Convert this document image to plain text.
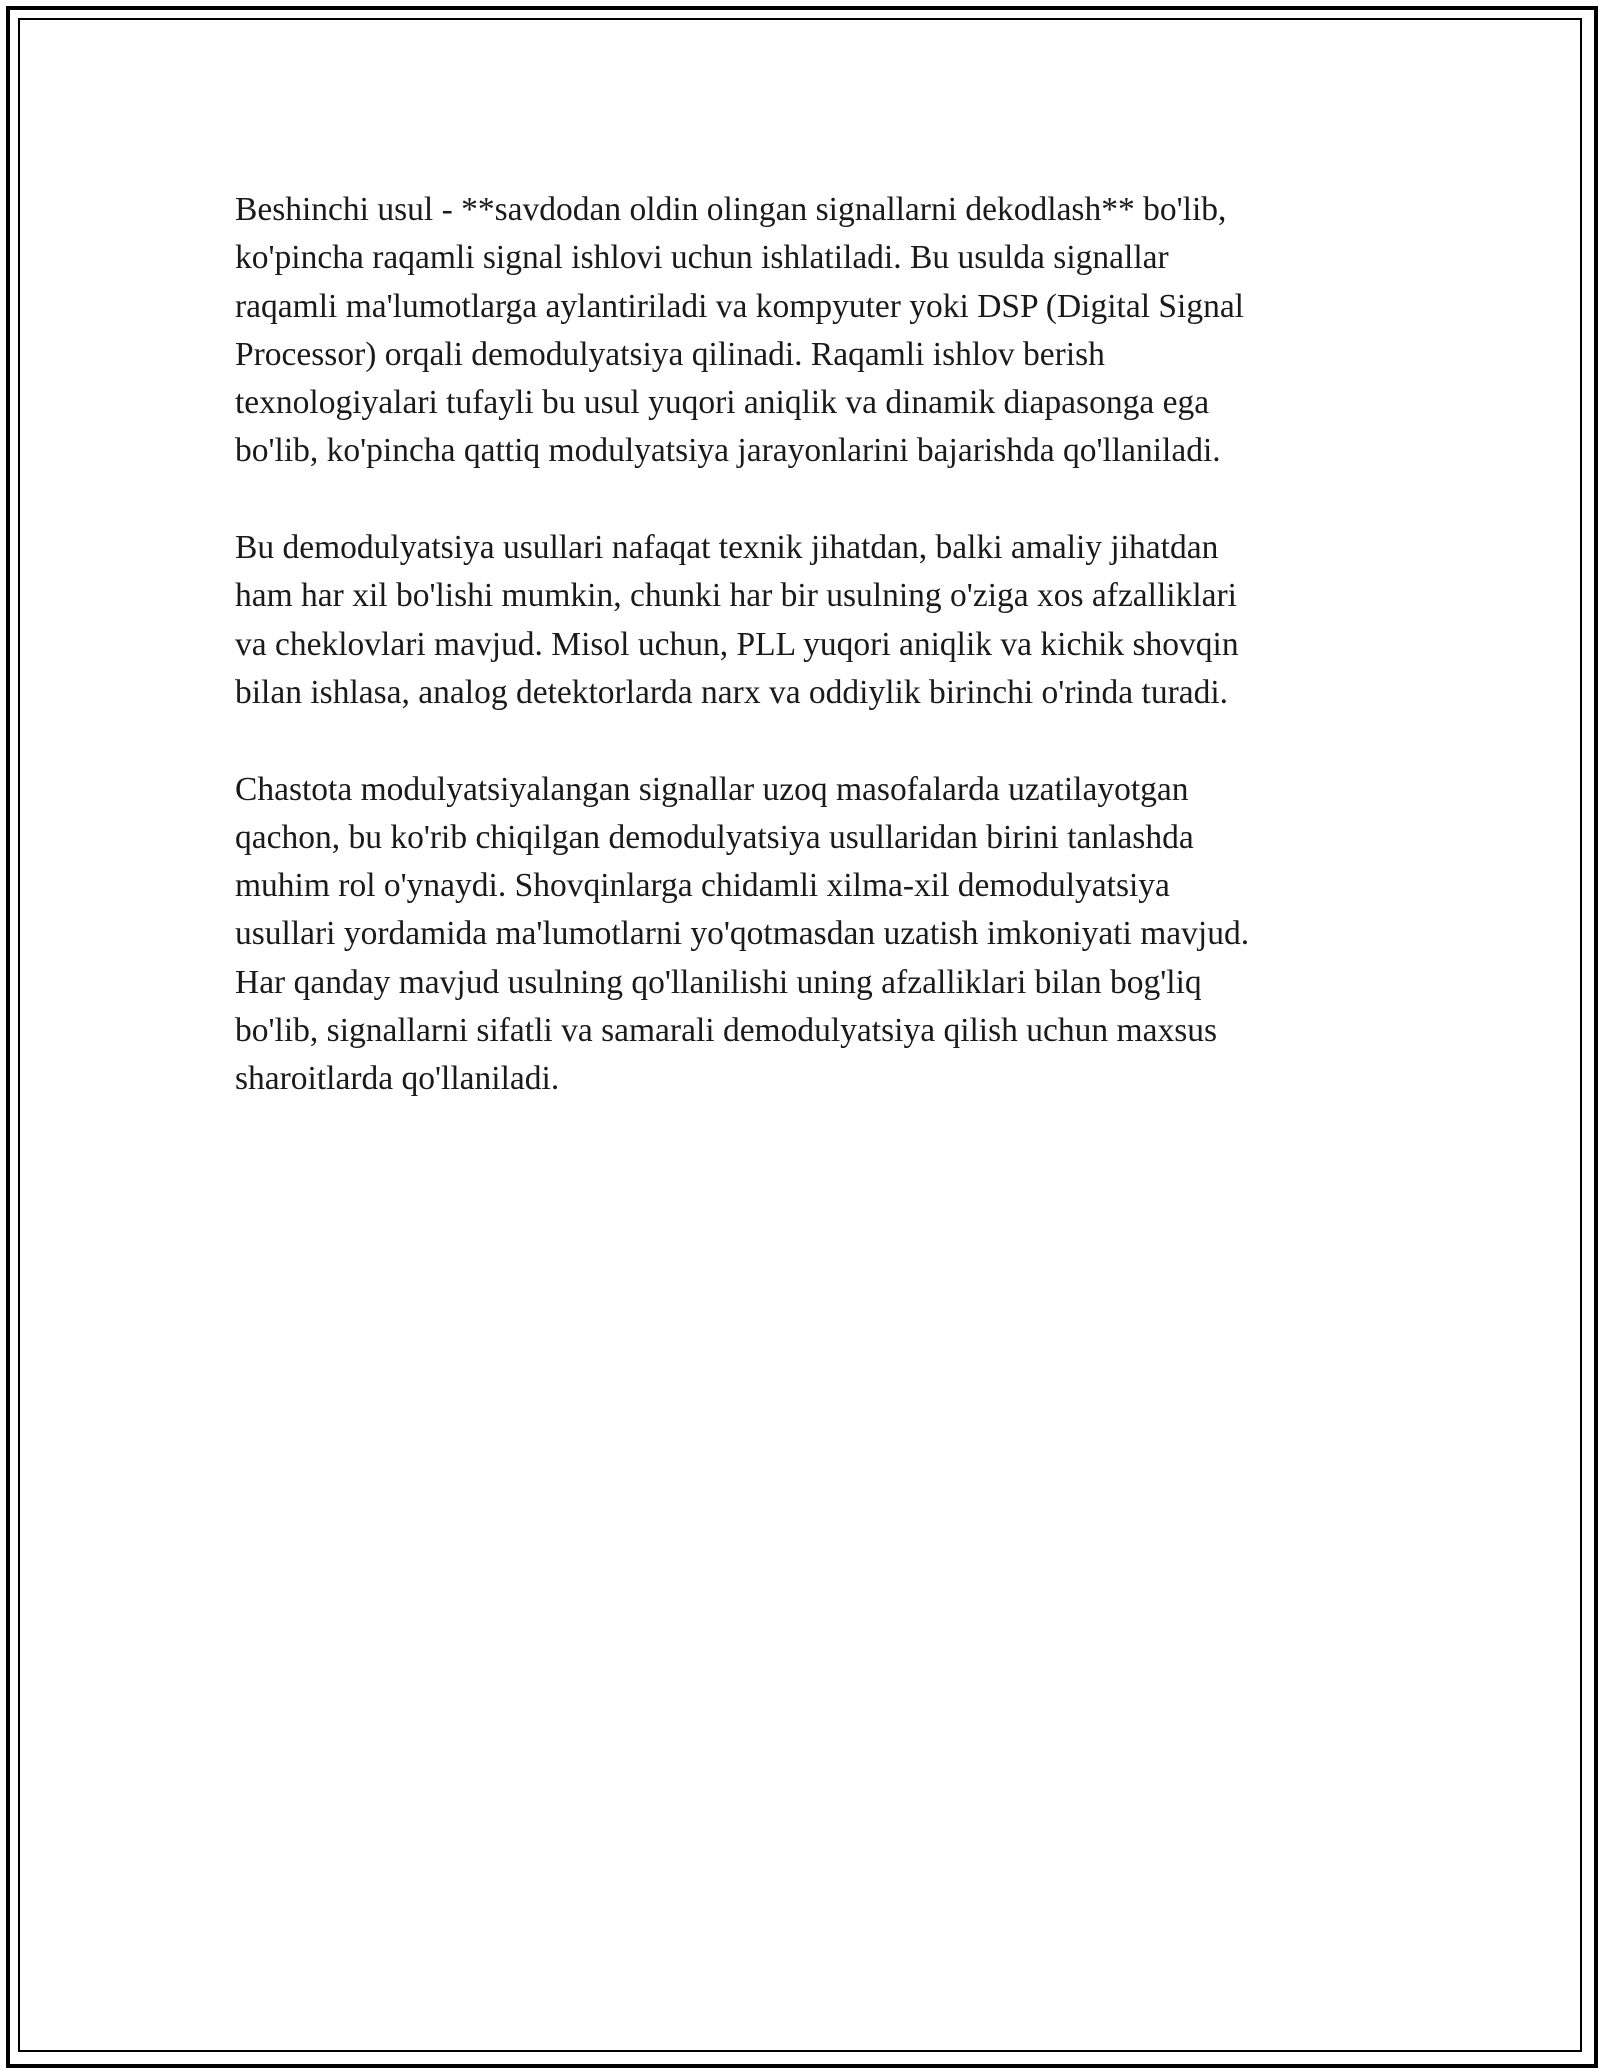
Beshinchi usul - **savdodan oldin olingan signallarni dekodlash** bo'lib,
ko'pincha raqamli signal ishlovi uchun ishlatiladi. Bu usulda signallar
raqamli ma'lumotlarga aylantiriladi va kompyuter yoki DSP (Digital Signal
Processor) orqali demodulyatsiya qilinadi. Raqamli ishlov berish
texnologiyalari tufayli bu usul yuqori aniqlik va dinamik diapasonga ega
bo'lib, ko'pincha qattiq modulyatsiya jarayonlarini bajarishda qo'llaniladi.

Bu demodulyatsiya usullari nafaqat texnik jihatdan, balki amaliy jihatdan
ham har xil bo'lishi mumkin, chunki har bir usulning o'ziga xos afzalliklari
va cheklovlari mavjud. Misol uchun, PLL yuqori aniqlik va kichik shovqin
bilan ishlasa, analog detektorlarda narx va oddiylik birinchi o'rinda turadi.

Chastota modulyatsiyalangan signallar uzoq masofalarda uzatilayotgan
qachon, bu ko'rib chiqilgan demodulyatsiya usullaridan birini tanlashda
muhim rol o'ynaydi. Shovqinlarga chidamli xilma-xil demodulyatsiya
usullari yordamida ma'lumotlarni yo'qotmasdan uzatish imkoniyati mavjud.
Har qanday mavjud usulning qo'llanilishi uning afzalliklari bilan bog'liq
bo'lib, signallarni sifatli va samarali demodulyatsiya qilish uchun maxsus
sharoitlarda qo'llaniladi.
